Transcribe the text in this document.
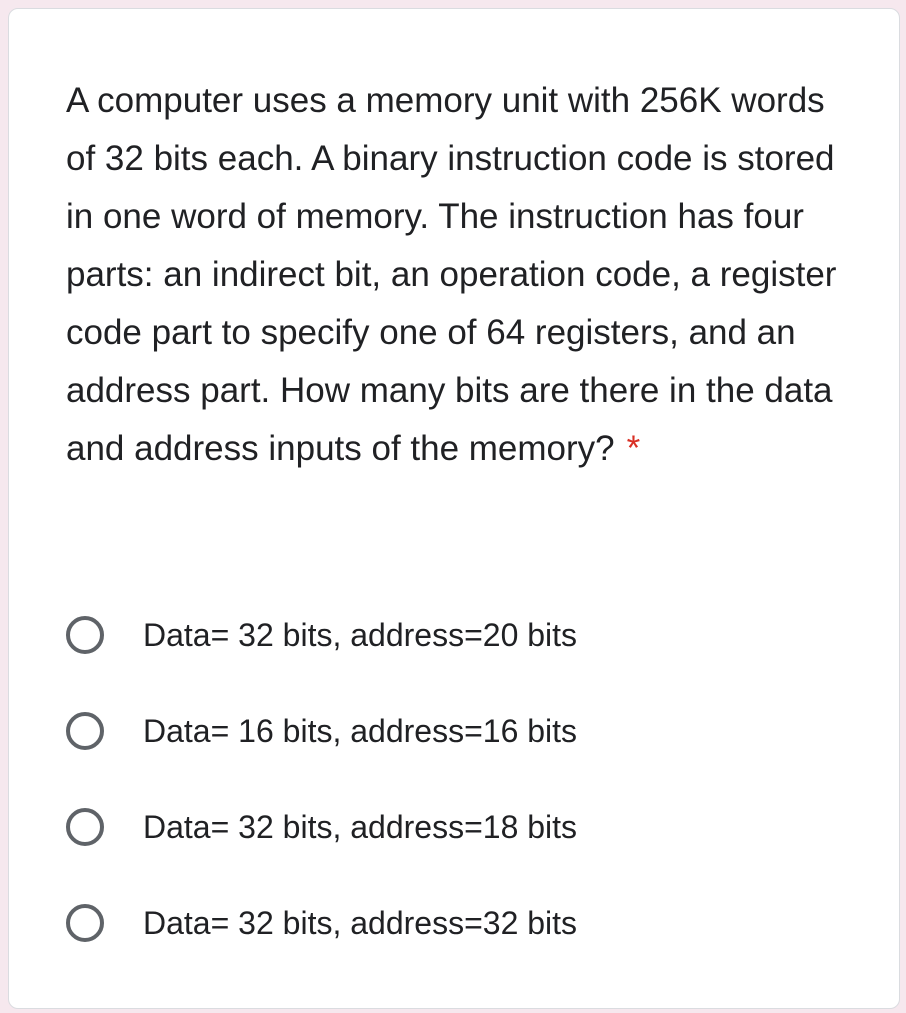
A computer uses a memory unit with 256K words of 32 bits each. A binary instruction code is stored in one word of memory. The instruction has four parts: an indirect bit, an operation code, a register code part to specify one of 64 registers, and an address part. How many bits are there in the data and address inputs of the memory? *

Data= 32 bits, address=20 bits
Data= 16 bits, address=16 bits
Data= 32 bits, address=18 bits
Data= 32 bits, address=32 bits
